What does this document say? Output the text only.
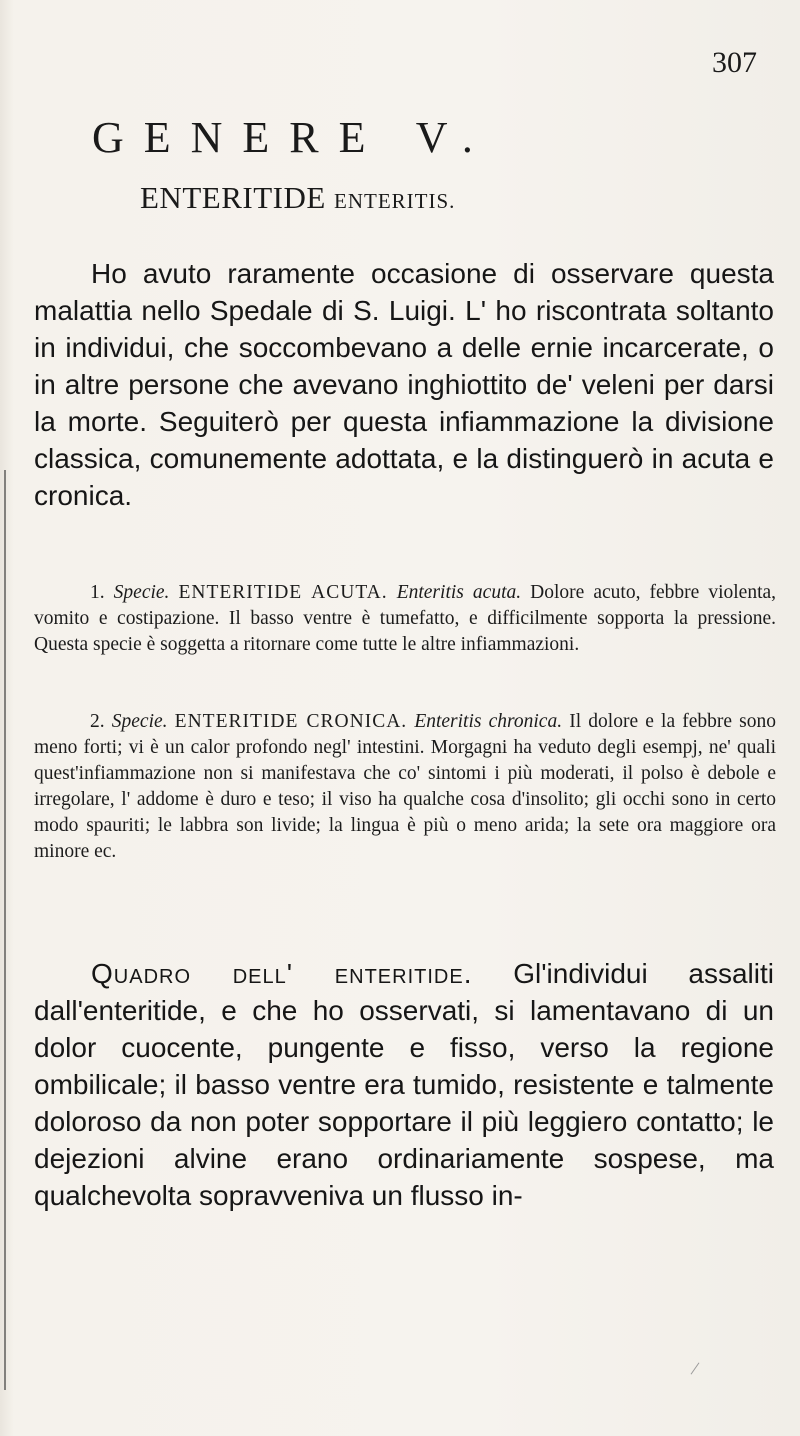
307
GENERE V.
ENTERITIDE ENTERITIS.
Ho avuto raramente occasione di osservare questa malattia nello Spedale di S. Luigi. L' ho riscontrata soltanto in individui, che soccombevano a delle ernie incarcerate, o in altre persone che avevano inghiottito de' veleni per darsi la morte. Seguiterò per questa infiammazione la divisione classica, comunemente adottata, e la distinguerò in acuta e cronica.
1. Specie. ENTERITIDE ACUTA. Enteritis acuta. Dolore acuto, febbre violenta, vomito e costipazione. Il basso ventre è tumefatto, e difficilmente sopporta la pressione. Questa specie è soggetta a ritornare come tutte le altre infiammazioni.
2. Specie. ENTERITIDE CRONICA. Enteritis chronica. Il dolore e la febbre sono meno forti; vi è un calor profondo negl' intestini. Morgagni ha veduto degli esempj, ne' quali quest'infiammazione non si manifestava che co' sintomi i più moderati, il polso è debole e irregolare, l' addome è duro e teso; il viso ha qualche cosa d'insolito; gli occhi sono in certo modo spauriti; le labbra son livide; la lingua è più o meno arida; la sete ora maggiore ora minore ec.
Quadro dell' enteritide. Gl'individui assaliti dall'enteritide, e che ho osservati, si lamentavano di un dolor cuocente, pungente e fisso, verso la regione ombilicale; il basso ventre era tumido, resistente e talmente doloroso da non poter sopportare il più leggiero contatto; le dejezioni alvine erano ordinariamente sospese, ma qualchevolta sopravveniva un flusso in-
